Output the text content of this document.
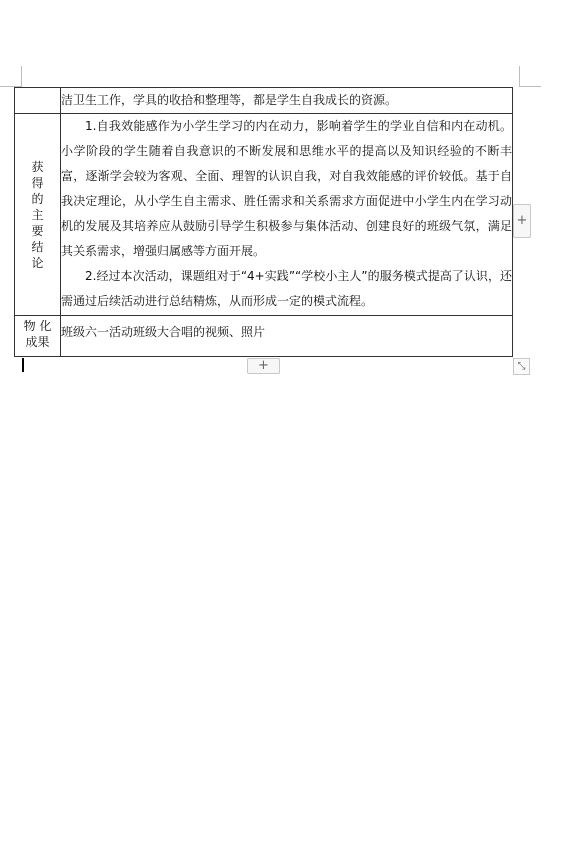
	洁卫生工作，学具的收拾和整理等，都是学生自我成长的资源。
获得的主要结论	1.自我效能感作为小学生学习的内在动力，影响着学生的学业自信和内在动机。小学阶段的学生随着自我意识的不断发展和思维水平的提高以及知识经验的不断丰富，逐渐学会较为客观、全面、理智的认识自我，对自我效能感的评价较低。基于自我决定理论，从小学生自主需求、胜任需求和关系需求方面促进中小学生内在学习动机的发展及其培养应从鼓励引导学生积极参与集体活动、创建良好的班级气氛，满足其关系需求，增强归属感等方面开展。

2.经过本次活动，课题组对于“4+实践”“学校小主人”的服务模式提高了认识，还需通过后续活动进行总结精炼，从而形成一定的模式流程。

物 化成果	班级六一活动班级大合唱的视频、照片
+
+	⤡
